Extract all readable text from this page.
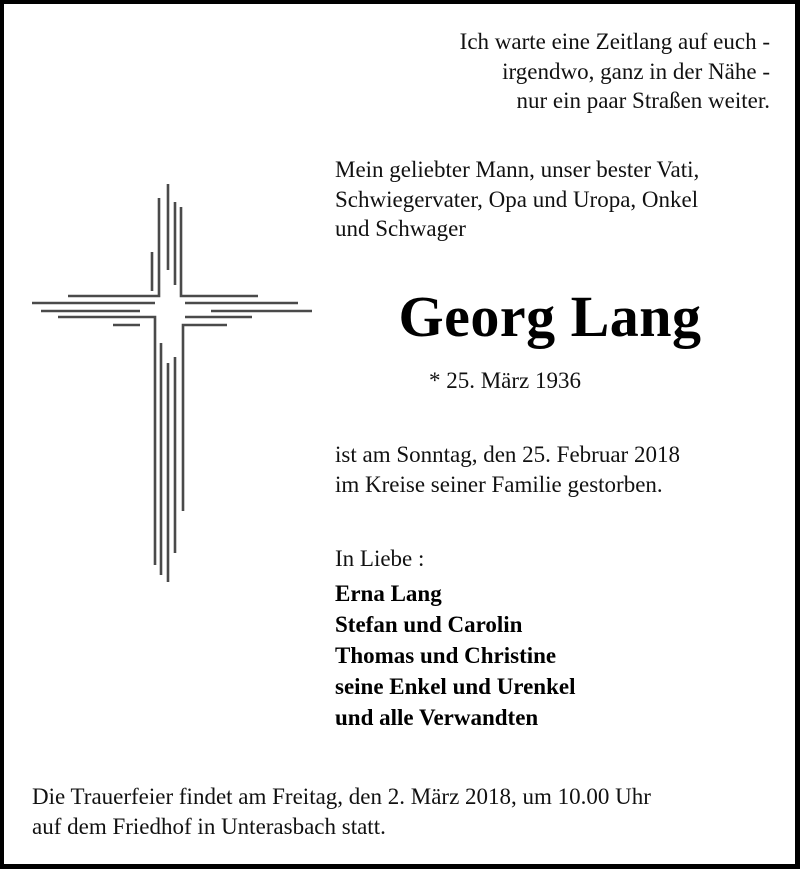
Ich warte eine Zeitlang auf euch -
irgendwo, ganz in der Nähe -
nur ein paar Straßen weiter.
Mein geliebter Mann, unser bester Vati,
Schwiegervater, Opa und Uropa, Onkel
und Schwager
Georg Lang
* 25. März 1936
ist am Sonntag, den 25. Februar 2018
im Kreise seiner Familie gestorben.
In Liebe :
Erna Lang
Stefan und Carolin
Thomas und Christine
seine Enkel und Urenkel
und alle Verwandten
Die Trauerfeier findet am Freitag, den 2. März 2018, um 10.00 Uhr
auf dem Friedhof in Unterasbach statt.
